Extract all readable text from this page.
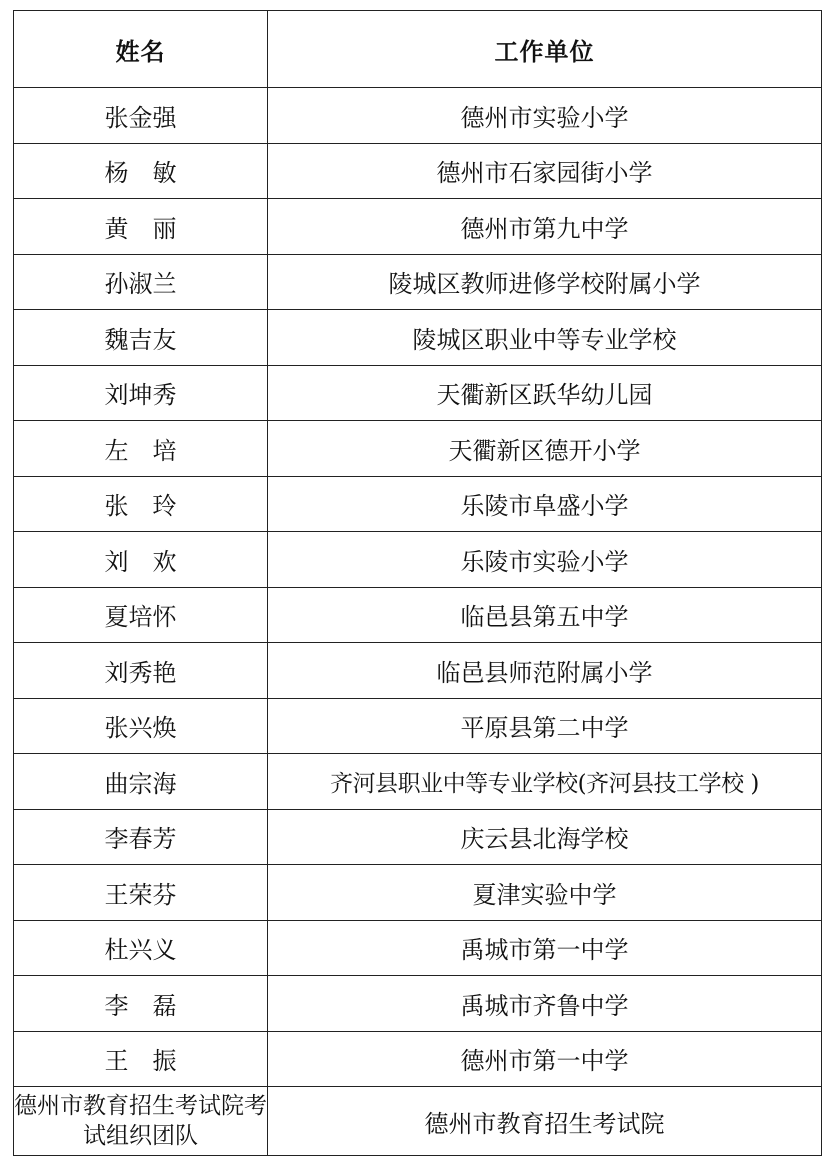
姓名	工作单位
张金强	德州市实验小学
杨　敏	德州市石家园街小学
黄　丽	德州市第九中学
孙淑兰	陵城区教师进修学校附属小学
魏吉友	陵城区职业中等专业学校
刘坤秀	天衢新区跃华幼儿园
左　培	天衢新区德开小学
张　玲	乐陵市阜盛小学
刘　欢	乐陵市实验小学
夏培怀	临邑县第五中学
刘秀艳	临邑县师范附属小学
张兴焕	平原县第二中学
曲宗海	齐河县职业中等专业学校(齐河县技工学校 )
李春芳	庆云县北海学校
王荣芬	夏津实验中学
杜兴义	禹城市第一中学
李　磊	禹城市齐鲁中学
王　振	德州市第一中学
德州市教育招生考试院考试组织团队	德州市教育招生考试院
